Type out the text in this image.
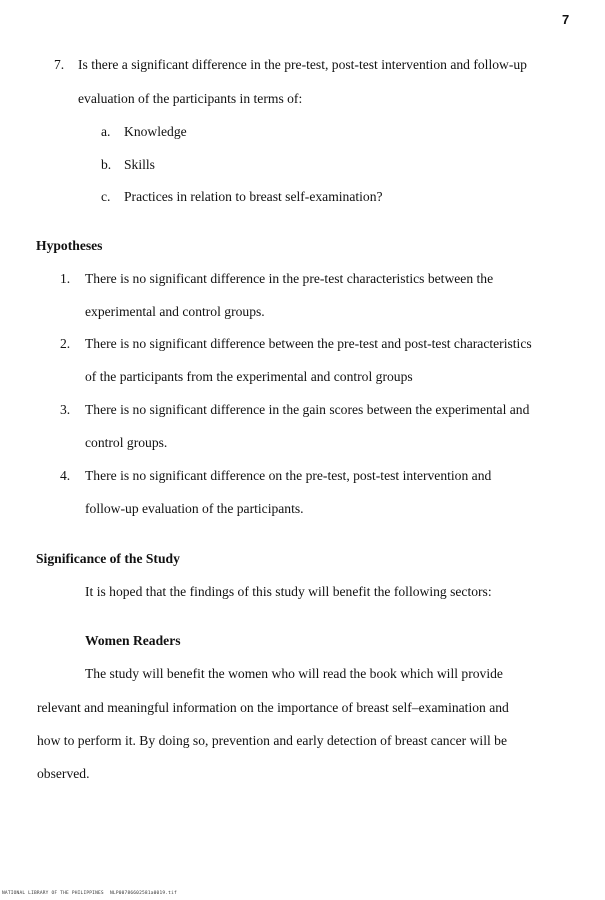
7
7. Is there a significant difference in the pre-test, post-test intervention and follow-up
evaluation of the participants in terms of:
a. Knowledge
b. Skills
c. Practices in relation to breast self-examination?
Hypotheses
1. There is no significant difference in the pre-test characteristics between the
experimental and control groups.
2. There is no significant difference between the pre-test and post-test characteristics
of the participants from the experimental and control groups
3. There is no significant difference in the gain scores between the experimental and
control groups.
4. There is no significant difference on the pre-test, post-test intervention and
follow-up evaluation of the participants.
Significance of the Study
It is hoped that the findings of this study will benefit the following sectors:
Women Readers
The study will benefit the women who will read the book which will provide
relevant and meaningful information on the importance of breast self–examination and
how to perform it. By doing so, prevention and early detection of breast cancer will be
observed.
NATIONAL LIBRARY OF THE PHILIPPINES NLP00786602581a0019.tif
